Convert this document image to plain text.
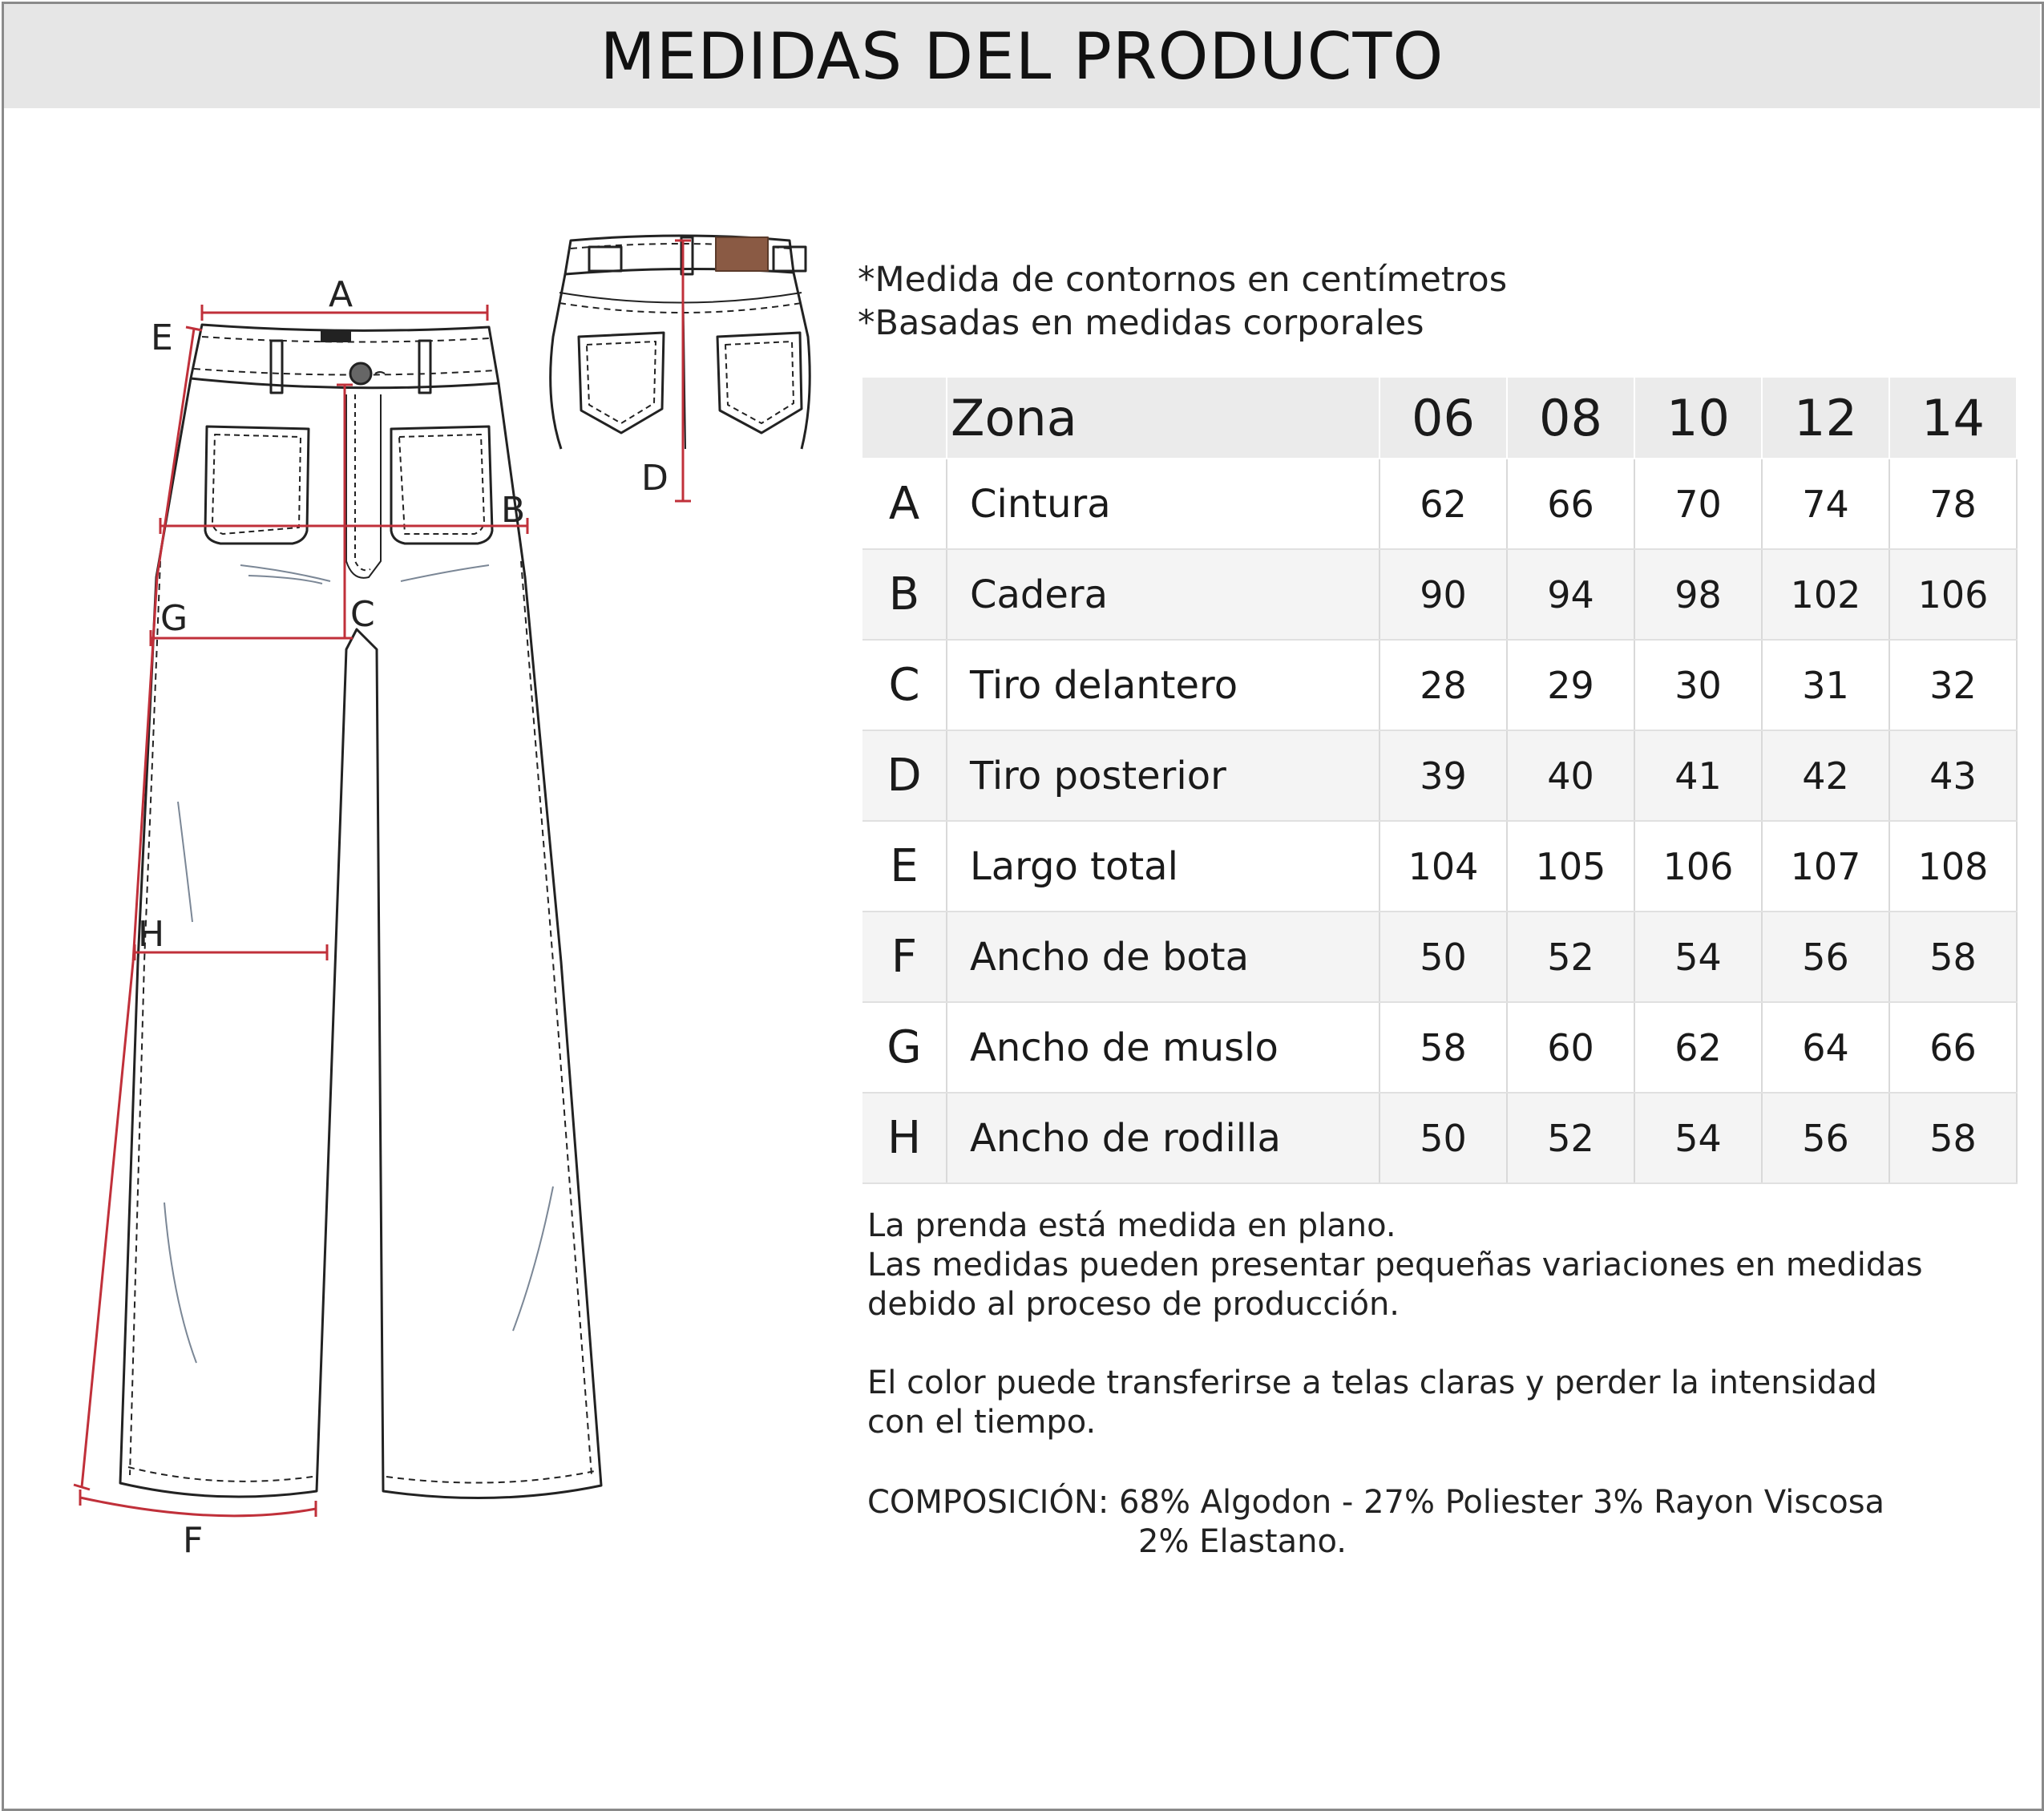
MEDIDAS DEL PRODUCTO
A
B
C
D
E
F
G
H
*Medida de contornos en centímetros
*Basadas en medidas corporales
	Zona	06	08	10	12	14
A	Cintura	62	66	70	74	78
B	Cadera	90	94	98	102	106
C	Tiro delantero	28	29	30	31	32
D	Tiro posterior	39	40	41	42	43
E	Largo total	104	105	106	107	108
F	Ancho de bota	50	52	54	56	58
G	Ancho de muslo	58	60	62	64	66
H	Ancho de rodilla	50	52	54	56	58

La prenda está medida en plano.

Las medidas pueden presentar pequeñas variaciones en medidas

debido al proceso de producción.

El color puede transferirse a telas claras y perder la intensidad

con el tiempo.

COMPOSICIÓN: 68% Algodon - 27% Poliester 3% Rayon Viscosa
2% Elastano.
